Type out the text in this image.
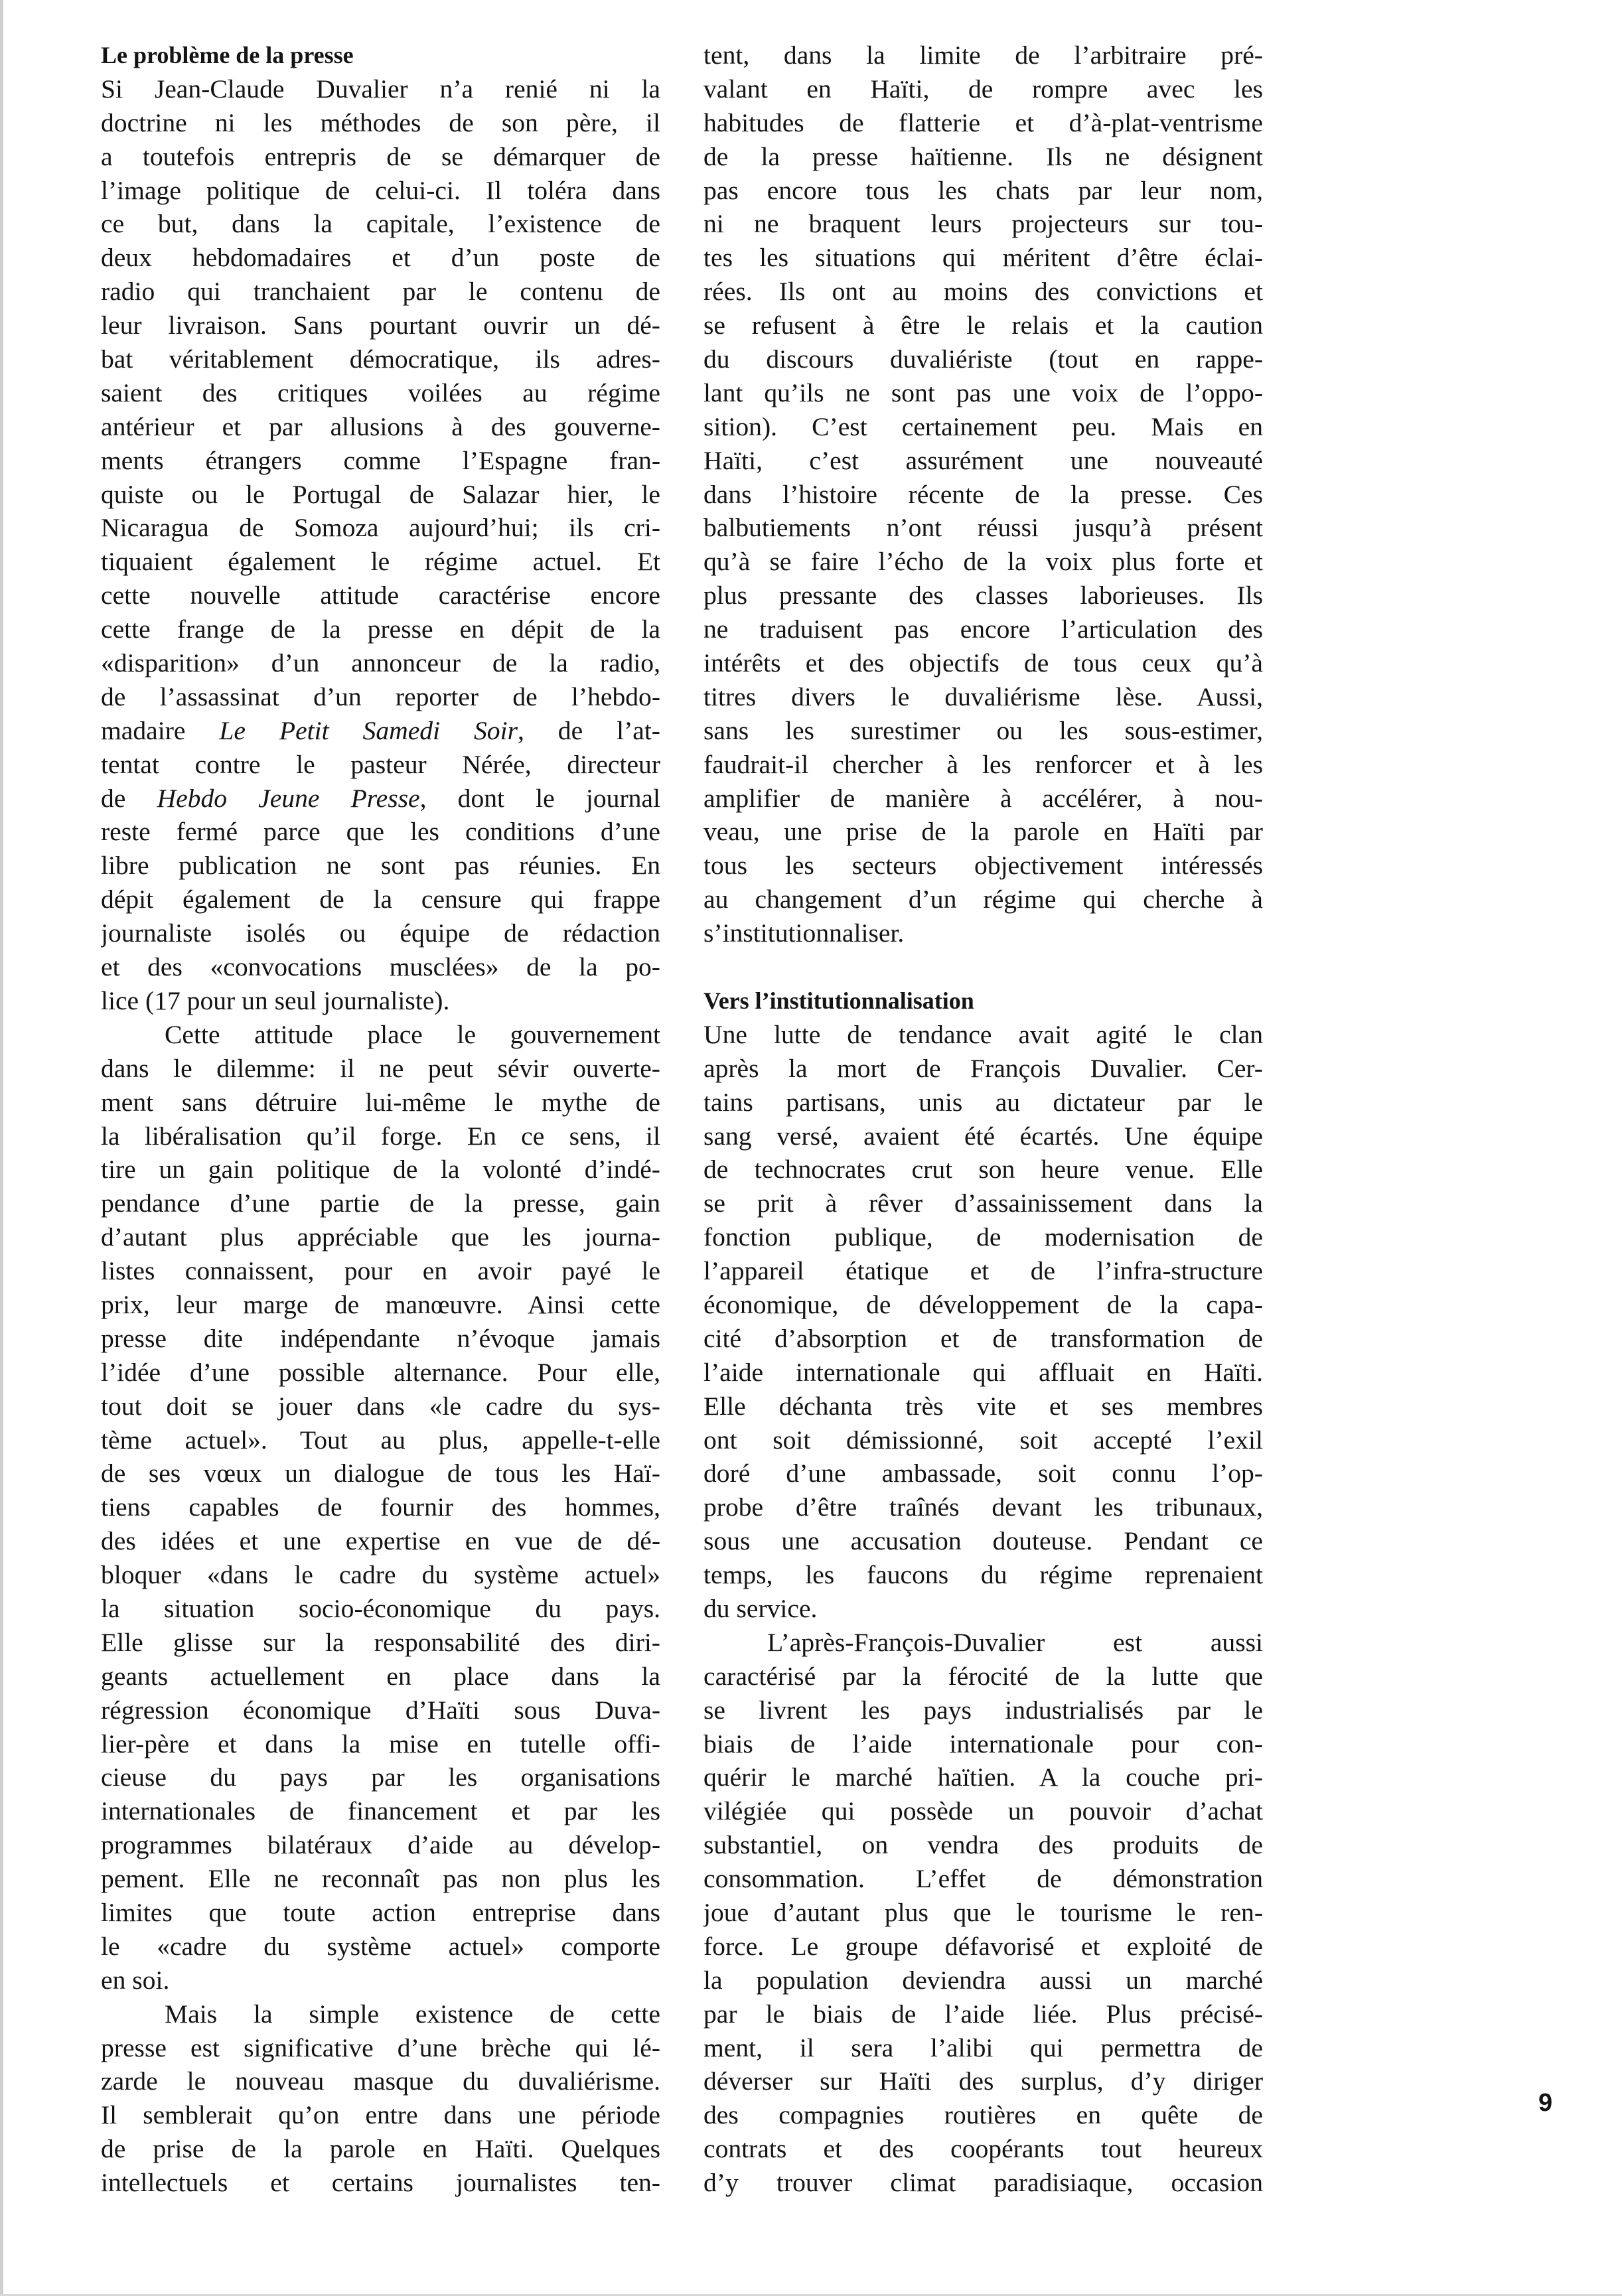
Le problème de la presse
Si Jean-Claude Duvalier n’a renié ni la
doctrine ni les méthodes de son père, il
a toutefois entrepris de se démarquer de
l’image politique de celui-ci. Il toléra dans
ce but, dans la capitale, l’existence de
deux hebdomadaires et d’un poste de
radio qui tranchaient par le contenu de
leur livraison. Sans pourtant ouvrir un dé-
bat véritablement démocratique, ils adres-
saient des critiques voilées au régime
antérieur et par allusions à des gouverne-
ments étrangers comme l’Espagne fran-
quiste ou le Portugal de Salazar hier, le
Nicaragua de Somoza aujourd’hui; ils cri-
tiquaient également le régime actuel. Et
cette nouvelle attitude caractérise encore
cette frange de la presse en dépit de la
«disparition» d’un annonceur de la radio,
de l’assassinat d’un reporter de l’hebdo-
madaire Le Petit Samedi Soir, de l’at-
tentat contre le pasteur Nérée, directeur
de Hebdo Jeune Presse, dont le journal
reste fermé parce que les conditions d’une
libre publication ne sont pas réunies. En
dépit également de la censure qui frappe
journaliste isolés ou équipe de rédaction
et des «convocations musclées» de la po-
lice (17 pour un seul journaliste).
Cette attitude place le gouvernement
dans le dilemme: il ne peut sévir ouverte-
ment sans détruire lui-même le mythe de
la libéralisation qu’il forge. En ce sens, il
tire un gain politique de la volonté d’indé-
pendance d’une partie de la presse, gain
d’autant plus appréciable que les journa-
listes connaissent, pour en avoir payé le
prix, leur marge de manœuvre. Ainsi cette
presse dite indépendante n’évoque jamais
l’idée d’une possible alternance. Pour elle,
tout doit se jouer dans «le cadre du sys-
tème actuel». Tout au plus, appelle-t-elle
de ses vœux un dialogue de tous les Haï-
tiens capables de fournir des hommes,
des idées et une expertise en vue de dé-
bloquer «dans le cadre du système actuel»
la situation socio-économique du pays.
Elle glisse sur la responsabilité des diri-
geants actuellement en place dans la
régression économique d’Haïti sous Duva-
lier-père et dans la mise en tutelle offi-
cieuse du pays par les organisations
internationales de financement et par les
programmes bilatéraux d’aide au dévelop-
pement. Elle ne reconnaît pas non plus les
limites que toute action entreprise dans
le «cadre du système actuel» comporte
en soi.
Mais la simple existence de cette
presse est significative d’une brèche qui lé-
zarde le nouveau masque du duvaliérisme.
Il semblerait qu’on entre dans une période
de prise de la parole en Haïti. Quelques
intellectuels et certains journalistes ten-
tent, dans la limite de l’arbitraire pré-
valant en Haïti, de rompre avec les
habitudes de flatterie et d’à-plat-ventrisme
de la presse haïtienne. Ils ne désignent
pas encore tous les chats par leur nom,
ni ne braquent leurs projecteurs sur tou-
tes les situations qui méritent d’être éclai-
rées. Ils ont au moins des convictions et
se refusent à être le relais et la caution
du discours duvaliériste (tout en rappe-
lant qu’ils ne sont pas une voix de l’oppo-
sition). C’est certainement peu. Mais en
Haïti, c’est assurément une nouveauté
dans l’histoire récente de la presse. Ces
balbutiements n’ont réussi jusqu’à présent
qu’à se faire l’écho de la voix plus forte et
plus pressante des classes laborieuses. Ils
ne traduisent pas encore l’articulation des
intérêts et des objectifs de tous ceux qu’à
titres divers le duvaliérisme lèse. Aussi,
sans les surestimer ou les sous-estimer,
faudrait-il chercher à les renforcer et à les
amplifier de manière à accélérer, à nou-
veau, une prise de la parole en Haïti par
tous les secteurs objectivement intéressés
au changement d’un régime qui cherche à
s’institutionnaliser.
Vers l’institutionnalisation
Une lutte de tendance avait agité le clan
après la mort de François Duvalier. Cer-
tains partisans, unis au dictateur par le
sang versé, avaient été écartés. Une équipe
de technocrates crut son heure venue. Elle
se prit à rêver d’assainissement dans la
fonction publique, de modernisation de
l’appareil étatique et de l’infra-structure
économique, de développement de la capa-
cité d’absorption et de transformation de
l’aide internationale qui affluait en Haïti.
Elle déchanta très vite et ses membres
ont soit démissionné, soit accepté l’exil
doré d’une ambassade, soit connu l’op-
probe d’être traînés devant les tribunaux,
sous une accusation douteuse. Pendant ce
temps, les faucons du régime reprenaient
du service.
L’après-François-Duvalier est aussi
caractérisé par la férocité de la lutte que
se livrent les pays industrialisés par le
biais de l’aide internationale pour con-
quérir le marché haïtien. A la couche pri-
vilégiée qui possède un pouvoir d’achat
substantiel, on vendra des produits de
consommation. L’effet de démonstration
joue d’autant plus que le tourisme le ren-
force. Le groupe défavorisé et exploité de
la population deviendra aussi un marché
par le biais de l’aide liée. Plus précisé-
ment, il sera l’alibi qui permettra de
déverser sur Haïti des surplus, d’y diriger
des compagnies routières en quête de
contrats et des coopérants tout heureux
d’y trouver climat paradisiaque, occasion
9
